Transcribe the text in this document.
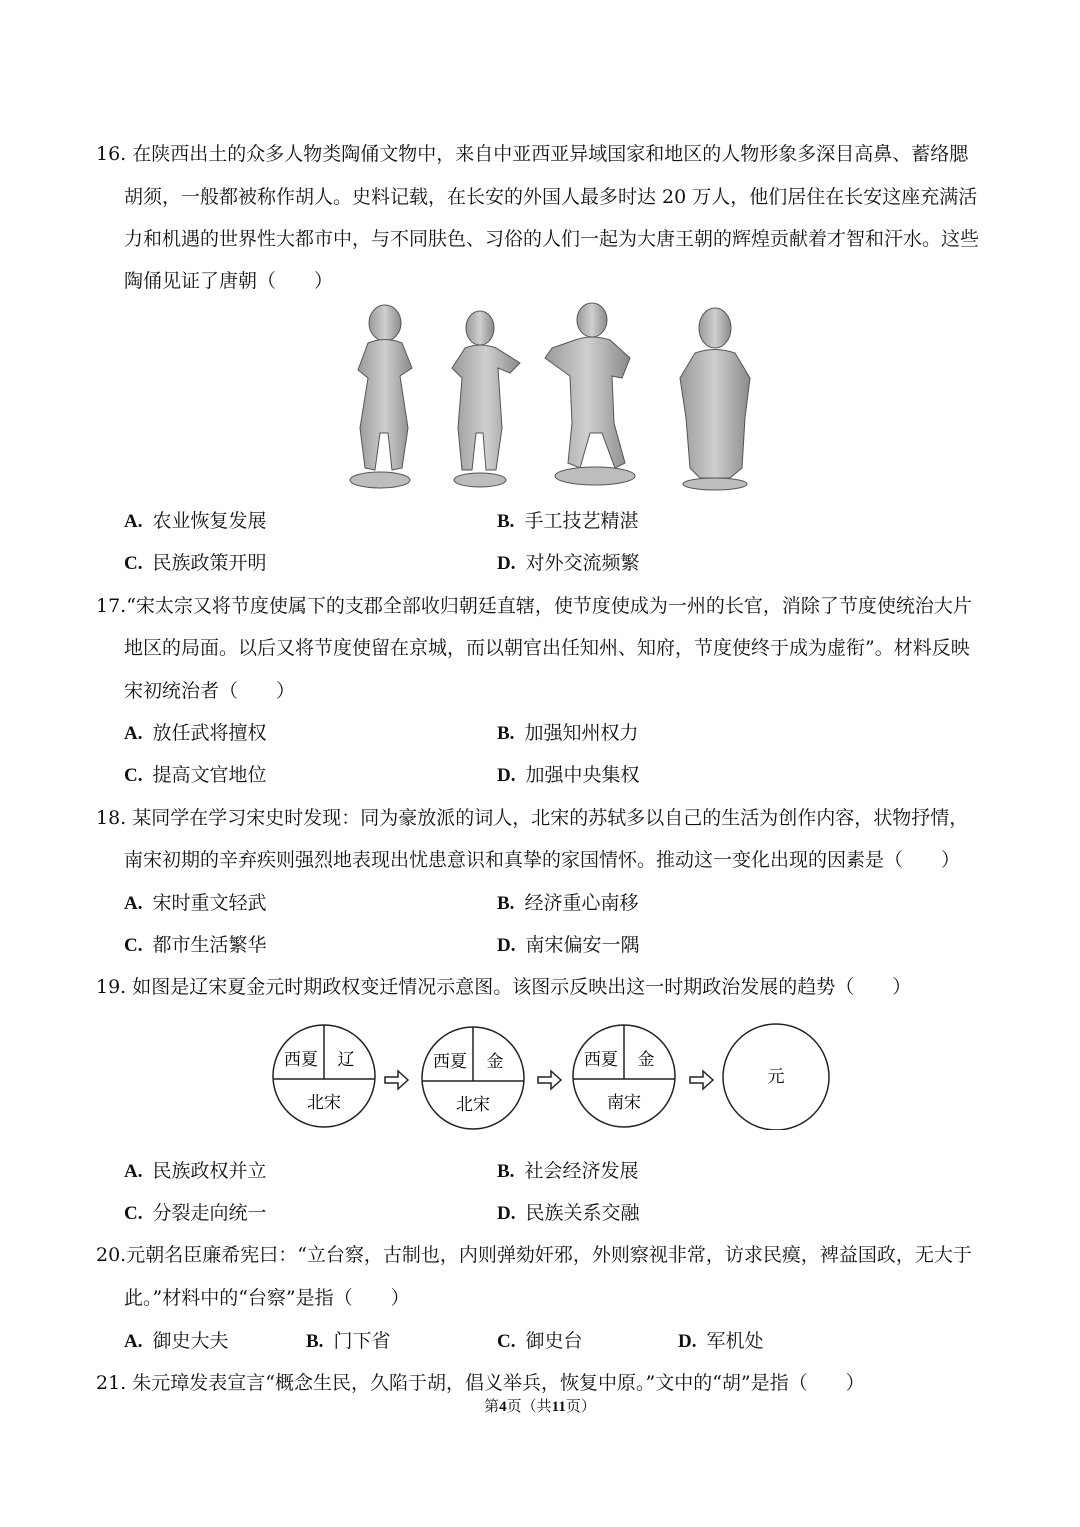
16. 在陕西出土的众多人物类陶俑文物中，来自中亚西亚异域国家和地区的人物形象多深目高鼻、蓄络腮
胡须，一般都被称作胡人。史料记载，在长安的外国人最多时达 20 万人，他们居住在长安这座充满活
力和机遇的世界性大都市中，与不同肤色、习俗的人们一起为大唐王朝的辉煌贡献着才智和汗水。这些
陶俑见证了唐朝（　　）
A. 农业恢复发展	B. 手工技艺精湛
C. 民族政策开明	D. 对外交流频繁
17.“宋太宗又将节度使属下的支郡全部收归朝廷直辖，使节度使成为一州的长官，消除了节度使统治大片
地区的局面。以后又将节度使留在京城，而以朝官出任知州、知府，节度使终于成为虚衔”。材料反映
宋初统治者（　　）
A. 放任武将擅权	B. 加强知州权力
C. 提高文官地位	D. 加强中央集权
18. 某同学在学习宋史时发现：同为豪放派的词人，北宋的苏轼多以自己的生活为创作内容，状物抒情，
南宋初期的辛弃疾则强烈地表现出忧患意识和真挚的家国情怀。推动这一变化出现的因素是（　　）
A. 宋时重文轻武	B. 经济重心南移
C. 都市生活繁华	D. 南宋偏安一隅
19. 如图是辽宋夏金元时期政权变迁情况示意图。该图示反映出这一时期政治发展的趋势（　　）
西夏 辽
北宋
西夏 金
北宋
西夏 金
南宋
元
A. 民族政权并立	B. 社会经济发展
C. 分裂走向统一	D. 民族关系交融
20.元朝名臣廉希宪曰：“立台察，古制也，内则弹劾奸邪，外则察视非常，访求民瘼，裨益国政，无大于
此。”材料中的“台察”是指（　　）
A. 御史大夫	B. 门下省	C. 御史台	D. 军机处
21. 朱元璋发表宣言“概念生民，久陷于胡，倡义举兵，恢复中原。”文中的“胡”是指（　　）
第4页（共11页）
